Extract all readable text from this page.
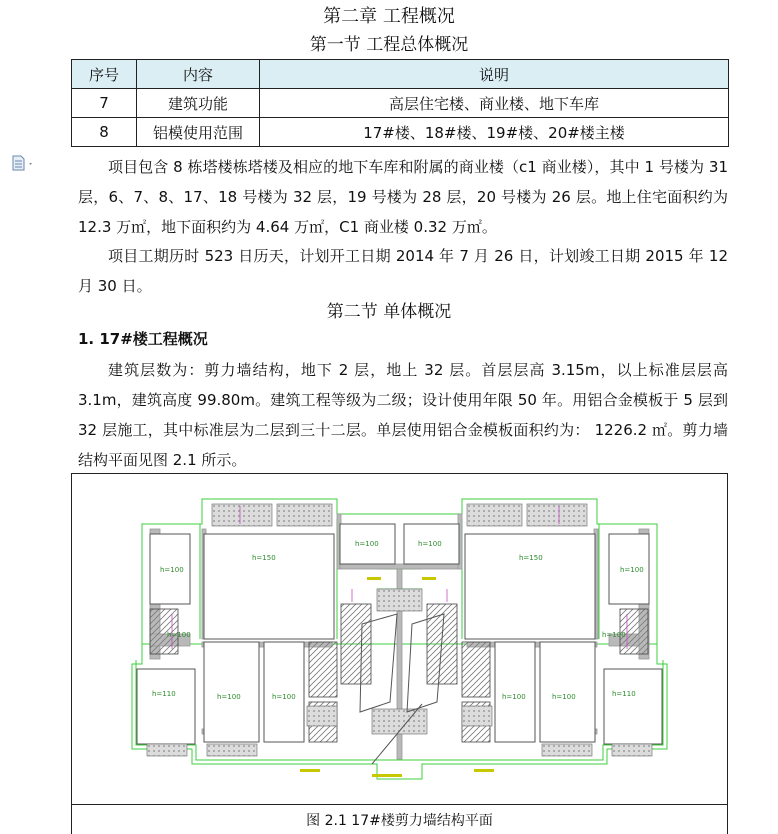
第二章 工程概况
第一节 工程总体概况
序号	内容	说明
7	建筑功能	高层住宅楼、商业楼、地下车库
8	铝模使用范围	17#楼、18#楼、19#楼、20#楼主楼

项目包含 8 栋塔楼栋塔楼及相应的地下车库和附属的商业楼（c1 商业楼），其中 1 号楼为 31 层，6、7、8、17、18 号楼为 32 层，19 号楼为 28 层，20 号楼为 26 层。地上住宅面积约为 12.3 万㎡，地下面积约为 4.64 万㎡，C1 商业楼 0.32 万㎡。

项目工期历时 523 日历天，计划开工日期 2014 年 7 月 26 日，计划竣工日期 2015 年 12 月 30 日。

第二节 单体概况
1. 17#楼工程概况

建筑层数为：剪力墙结构，地下 2 层，地上 32 层。首层层高 3.15m，以上标准层层高 3.1m，建筑高度 99.80m。建筑工程等级为二级；设计使用年限 50 年。用铝合金模板于 5 层到 32 层施工，其中标准层为二层到三十二层。单层使用铝合金模板面积约为： 1226.2 ㎡。剪力墙结构平面见图 2.1 所示。

h=150	h=150
h=100	h=100
h=100	h=100
h=110	h=110
h=100	h=100	h=100	h=100
h=100	h=100
图 2.1 17#楼剪力墙结构平面
